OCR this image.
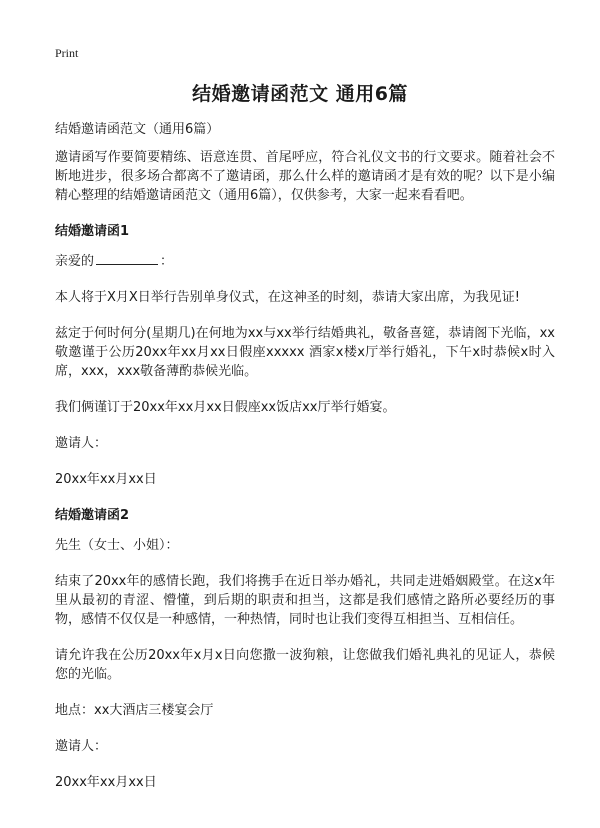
Print
结婚邀请函范文 通用6篇

结婚邀请函范文（通用6篇）

邀请函写作要简要精练、语意连贯、首尾呼应，符合礼仪文书的行文要求。随着社会不断地进步，很多场合都离不了邀请函，那么什么样的邀请函才是有效的呢？以下是小编精心整理的结婚邀请函范文（通用6篇），仅供参考，大家一起来看看吧。

结婚邀请函1

亲爱的	：

本人将于X月X日举行告别单身仪式，在这神圣的时刻，恭请大家出席，为我见证!

兹定于何时何分(星期几)在何地为xx与xx举行结婚典礼，敬备喜筵，恭请阁下光临，xx敬邀谨于公历20xx年xx月xx日假座xxxxx 酒家x楼x厅举行婚礼，下午x时恭候x时入席，xxx，xxx敬备薄酌恭候光临。

我们俩谨订于20xx年xx月xx日假座xx饭店xx厅举行婚宴。

邀请人：

20xx年xx月xx日

结婚邀请函2

先生（女士、小姐）：

结束了20xx年的感情长跑，我们将携手在近日举办婚礼，共同走进婚姻殿堂。在这x年里从最初的青涩、懵懂，到后期的职责和担当，这都是我们感情之路所必要经历的事物，感情不仅仅是一种感情，一种热情，同时也让我们变得互相担当、互相信任。

请允许我在公历20xx年x月x日向您撒一波狗粮，让您做我们婚礼典礼的见证人，恭候您的光临。

地点：xx大酒店三楼宴会厅

邀请人：

20xx年xx月xx日
